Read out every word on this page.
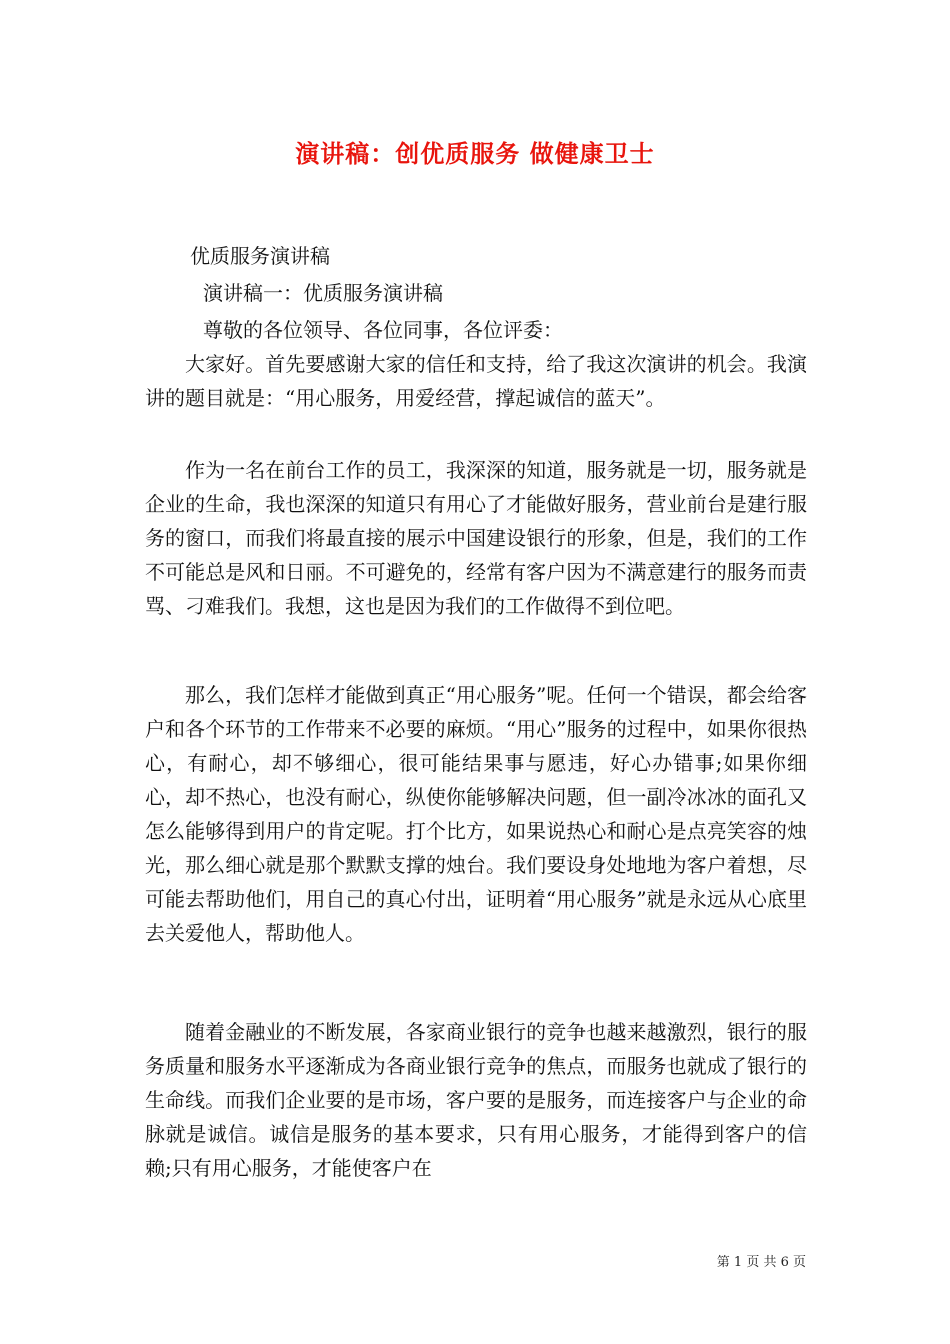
演讲稿：创优质服务 做健康卫士

优质服务演讲稿

演讲稿一：优质服务演讲稿

尊敬的各位领导、各位同事，各位评委：

大家好。首先要感谢大家的信任和支持，给了我这次演讲的机会。我演讲的题目就是：“用心服务，用爱经营，撑起诚信的蓝天”。

作为一名在前台工作的员工，我深深的知道，服务就是一切，服务就是企业的生命，我也深深的知道只有用心了才能做好服务，营业前台是建行服务的窗口，而我们将最直接的展示中国建设银行的形象，但是，我们的工作不可能总是风和日丽。不可避免的，经常有客户因为不满意建行的服务而责骂、刁难我们。我想，这也是因为我们的工作做得不到位吧。

那么，我们怎样才能做到真正“用心服务”呢。任何一个错误，都会给客户和各个环节的工作带来不必要的麻烦。“用心”服务的过程中，如果你很热心，有耐心，却不够细心，很可能结果事与愿违，好心办错事;如果你细心，却不热心，也没有耐心，纵使你能够解决问题，但一副冷冰冰的面孔又怎么能够得到用户的肯定呢。打个比方，如果说热心和耐心是点亮笑容的烛光，那么细心就是那个默默支撑的烛台。我们要设身处地地为客户着想，尽可能去帮助他们，用自己的真心付出，证明着“用心服务”就是永远从心底里去关爱他人，帮助他人。

随着金融业的不断发展，各家商业银行的竞争也越来越激烈，银行的服务质量和服务水平逐渐成为各商业银行竞争的焦点，而服务也就成了银行的生命线。而我们企业要的是市场，客户要的是服务，而连接客户与企业的命脉就是诚信。诚信是服务的基本要求，只有用心服务，才能得到客户的信赖;只有用心服务，才能使客户在

第 1 页 共 6 页
